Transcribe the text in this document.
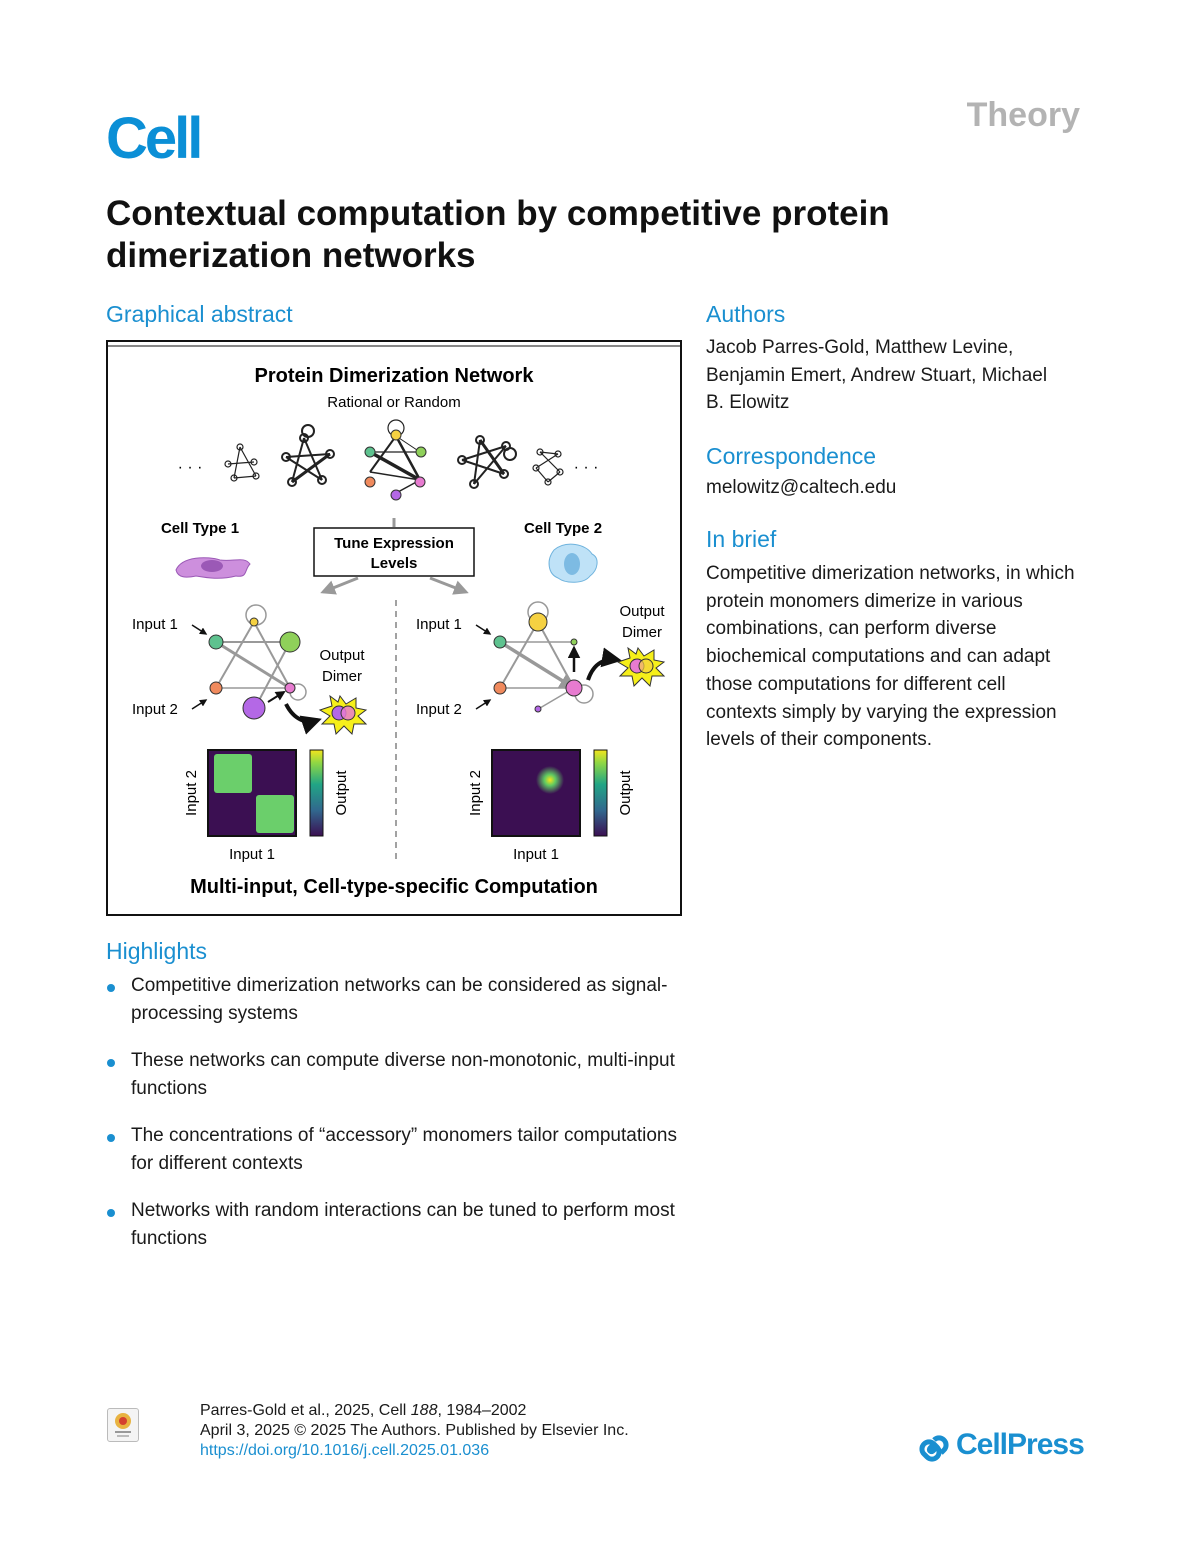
Cell	Theory
Contextual computation by competitive protein dimerization networks
Graphical abstract
Protein Dimerization Network
Rational or Random
· · ·	· · ·
Cell Type 1	Cell Type 2
Tune Expression
Levels
Input 1
Input 2
Output
Dimer
Input 1
Input 2
Output
Dimer
Input 2
Input 1
Output	Input 2
Input 1
Output
Multi-input, Cell-type-specific Computation
Authors
Jacob Parres-Gold, Matthew Levine, Benjamin Emert, Andrew Stuart, Michael B. Elowitz
Correspondence
melowitz@caltech.edu
In brief
Competitive dimerization networks, in which protein monomers dimerize in various combinations, can perform diverse biochemical computations and can adapt those computations for different cell contexts simply by varying the expression levels of their components.
Highlights
Competitive dimerization networks can be considered as signal-processing systems
These networks can compute diverse non-monotonic, multi-input functions
The concentrations of “accessory” monomers tailor computations for different contexts
Networks with random interactions can be tuned to perform most functions
Parres-Gold et al., 2025, Cell 188, 1984–2002
April 3, 2025 © 2025 The Authors. Published by Elsevier Inc.
https://doi.org/10.1016/j.cell.2025.01.036	CellPress
